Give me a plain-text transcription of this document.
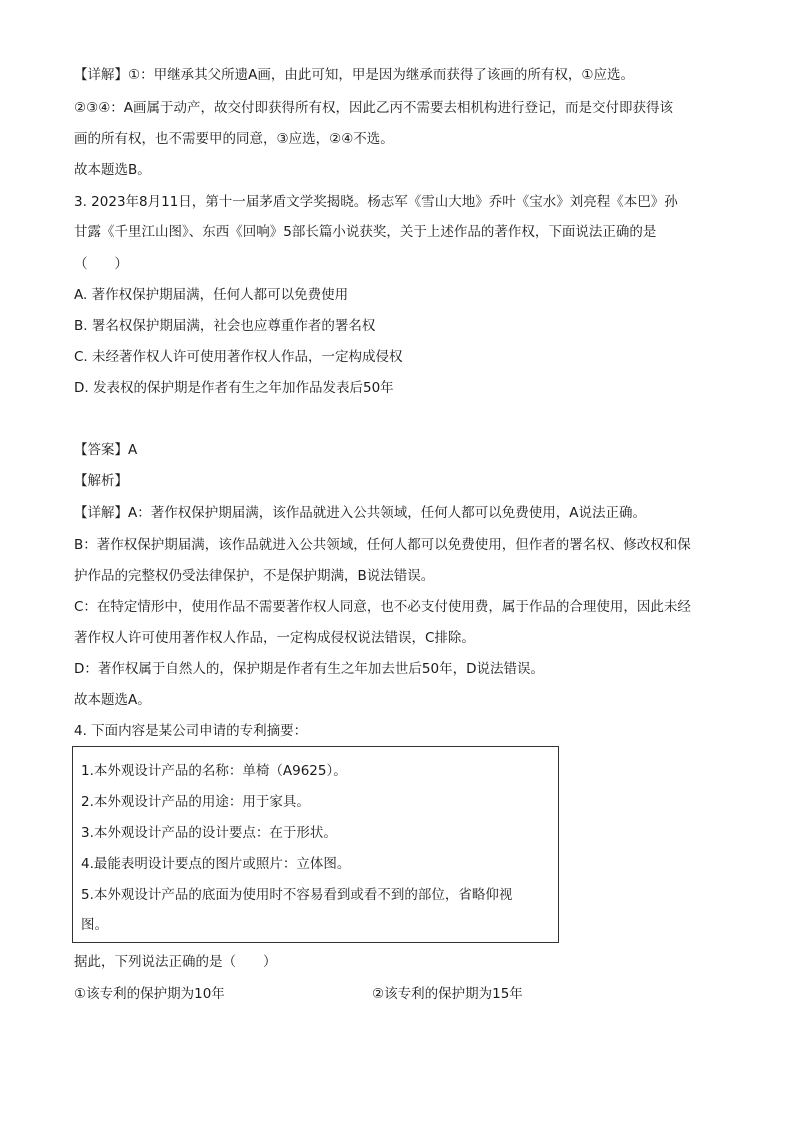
【详解】①：甲继承其父所遗A画，由此可知，甲是因为继承而获得了该画的所有权，①应选。
②③④：A画属于动产，故交付即获得所有权，因此乙丙不需要去相机构进行登记，而是交付即获得该
画的所有权，也不需要甲的同意，③应选，②④不选。
故本题选B。
3. 2023年8月11日，第十一届茅盾文学奖揭晓。杨志军《雪山大地》乔叶《宝水》刘亮程《本巴》孙
甘露《千里江山图》、东西《回响》5部长篇小说获奖，关于上述作品的著作权，下面说法正确的是
（　　）
A. 著作权保护期届满，任何人都可以免费使用
B. 署名权保护期届满，社会也应尊重作者的署名权
C. 未经著作权人许可使用著作权人作品，一定构成侵权
D. 发表权的保护期是作者有生之年加作品发表后50年
【答案】A
【解析】
【详解】A：著作权保护期届满，该作品就进入公共领域，任何人都可以免费使用，A说法正确。
B：著作权保护期届满，该作品就进入公共领域，任何人都可以免费使用，但作者的署名权、修改权和保
护作品的完整权仍受法律保护，不是保护期满，B说法错误。
C：在特定情形中，使用作品不需要著作权人同意，也不必支付使用费，属于作品的合理使用，因此未经
著作权人许可使用著作权人作品，一定构成侵权说法错误，C排除。
D：著作权属于自然人的，保护期是作者有生之年加去世后50年，D说法错误。
故本题选A。
4. 下面内容是某公司申请的专利摘要：
1.本外观设计产品的名称：单椅（A9625）。
2.本外观设计产品的用途：用于家具。
3.本外观设计产品的设计要点：在于形状。
4.最能表明设计要点的图片或照片：立体图。
5.本外观设计产品的底面为使用时不容易看到或看不到的部位，省略仰视
图。
据此，下列说法正确的是（　　）
①该专利的保护期为10年	②该专利的保护期为15年
